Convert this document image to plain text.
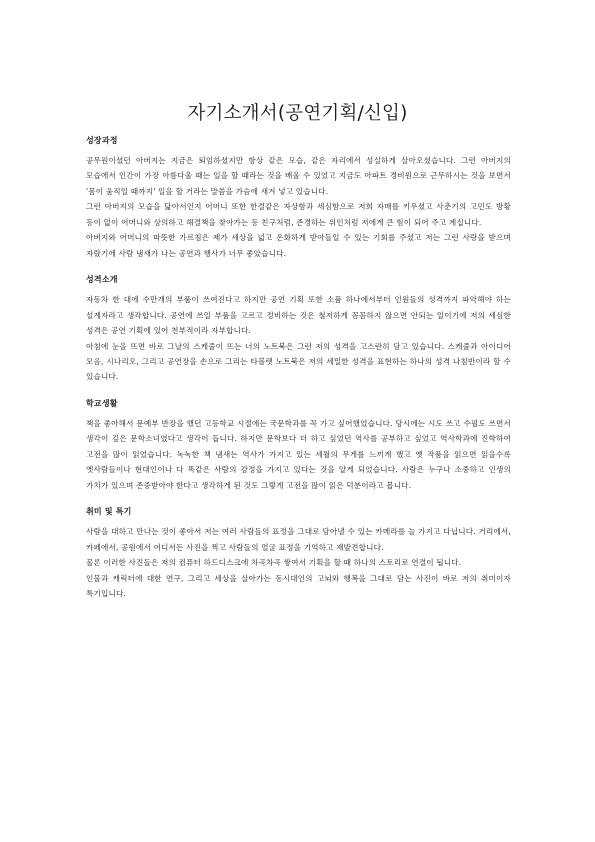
자기소개서(공연기획/신입)
성장과정

공무원이셨던 아버지는 지금은 퇴임하셨지만 항상 같은 모습, 같은 자리에서 성실하게 살아오셨습니다. 그런 아버지의 모습에서 인간이 가장 아름다울 때는 일을 할 때라는 것을 배울 수 있었고 지금도 아파트 경비원으로 근무하시는 것을 보면서 '몸이 움직일 때까지' 일을 할 거라는 말씀을 가슴에 새겨 넣고 있습니다.

그런 아버지의 모습을 닮아서인지 어머니 또한 한결같은 자상함과 세심함으로 저희 자매를 키우셨고 사춘기의 고민도 방황 등이 없이 어머니와 상의하고 해결책을 찾아가는 등 친구처럼, 존경하는 위인처럼 저에게 큰 힘이 되어 주고 계십니다.

아버지와 어머니의 따뜻한 가르침은 제가 세상을 넓고 온화하게 받아들일 수 있는 기회를 주셨고 저는 그런 사랑을 받으며 자랐기에 사람 냄새가 나는 공연과 행사가 너무 좋았습니다.

성격소개

자동차 한 대에 수만개의 부품이 쓰여진다고 하지만 공연 기획 또한 소품 하나에서부터 인원들의 성격까지 파악해야 하는 설계자라고 생각합니다. 공연에 쓰일 부품을 고르고 정비하는 것은 철저하게 꼼꼼하지 않으면 안되는 일이기에 저의 세심한 성격은 공연 기획에 있어 천부적이라 자부합니다.

아침에 눈을 뜨면 바로 그날의 스케줄이 뜨는 너의 노트북은 그런 저의 성격을 고스란히 담고 있습니다. 스케줄과 아이디어 모음, 시나리오, 그리고 공연장을 손으로 그리는 타블렛 노트북은 저의 세밀한 성격을 표현하는 하나의 성격 나침반이라 할 수 있습니다.

학교생활

책을 좋아해서 문예부 반장을 했던 고등학교 시절에는 국문학과를 꼭 가고 싶어했었습니다. 당시에는 시도 쓰고 수필도 쓰면서 생각이 깊은 문학소녀였다고 생각이 듭니다. 하지만 문학보다 더 하고 싶었던 역사를 공부하고 싶었고 역사학과에 진학하여 고전을 많이 읽었습니다. 녹녹한 책 냄새는 역사가 가지고 있는 세월의 무게를 느끼게 했고 옛 작품을 읽으면 읽을수록 옛사람들이나 현대인이나 다 똑같은 사람의 감정을 가지고 있다는 것을 알게 되었습니다. 사람은 누구나 소중하고 인생의 가치가 있으며 존중받아야 한다고 생각하게 된 것도 그렇게 고전을 많이 읽은 덕분이라고 봅니다.

취미 및 특기

사람을 대하고 만나는 것이 좋아서 저는 여러 사람들의 표정을 그대로 담아낼 수 있는 카메라를 늘 가지고 다닙니다. 거리에서, 카페에서, 공원에서 어디서든 사진을 찍고 사람들의 얼굴 표정을 기억하고 재발견합니다.

물론 이러한 사진들은 저의 컴퓨터 하드디스크에 차곡차곡 쌓여서 기획을 할 때 하나의 스토리로 연결이 됩니다.

인물과 캐릭터에 대한 연구, 그리고 세상을 살아가는 동시대인의 고뇌와 행복을 그대로 담는 사진이 바로 저의 취미이자 특기입니다.
